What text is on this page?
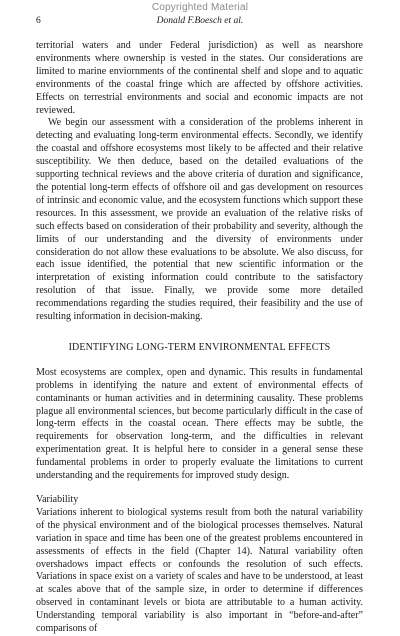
Copyrighted Material
Donald F.Boesch et al.
6

territorial waters and under Federal jurisdiction) as well as nearshore environments where ownership is vested in the states. Our considerations are limited to marine enviornments of the continental shelf and slope and to aquatic environments of the coastal fringe which are affected by offshore activities. Effects on terrestrial environments and social and economic impacts are not reviewed.

We begin our assessment with a consideration of the problems inherent in detecting and evaluating long-term environmental effects. Secondly, we identify the coastal and offshore ecosystems most likely to be affected and their relative susceptibility. We then deduce, based on the detailed evaluations of the supporting technical reviews and the above criteria of duration and significance, the potential long-term effects of offshore oil and gas development on resources of intrinsic and economic value, and the ecosystem functions which support these resources. In this assessment, we provide an evaluation of the relative risks of such effects based on consideration of their probability and severity, although the limits of our understanding and the diversity of environments under consideration do not allow these evaluations to be absolute. We also discuss, for each issue identified, the potential that new scientific information or the interpretation of existing information could contribute to the satisfactory resolution of that issue. Finally, we provide some more detailed recommendations regarding the studies required, their feasibility and the use of resulting information in decision-making.

IDENTIFYING LONG-TERM ENVIRONMENTAL EFFECTS

Most ecosystems are complex, open and dynamic. This results in fundamental problems in identifying the nature and extent of environmental effects of contaminants or human activities and in determining causality. These problems plague all environmental sciences, but become particularly difficult in the case of long-term effects in the coastal ocean. There effects may be subtle, the requirements for observation long-term, and the difficulties in relevant experimentation great. It is helpful here to consider in a general sense these fundamental problems in order to properly evaluate the limitations to current understanding and the requirements for improved study design.

Variability

Variations inherent to biological systems result from both the natural variability of the physical environment and of the biological processes themselves. Natural variation in space and time has been one of the greatest problems encountered in assessments of effects in the field (Chapter 14). Natural variability often overshadows impact effects or confounds the resolution of such effects. Variations in space exist on a variety of scales and have to be understood, at least at scales above that of the sample size, in order to determine if differences observed in contaminant levels or biota are attributable to a human activity. Understanding temporal variability is also important in “before-and-after” comparisons of
